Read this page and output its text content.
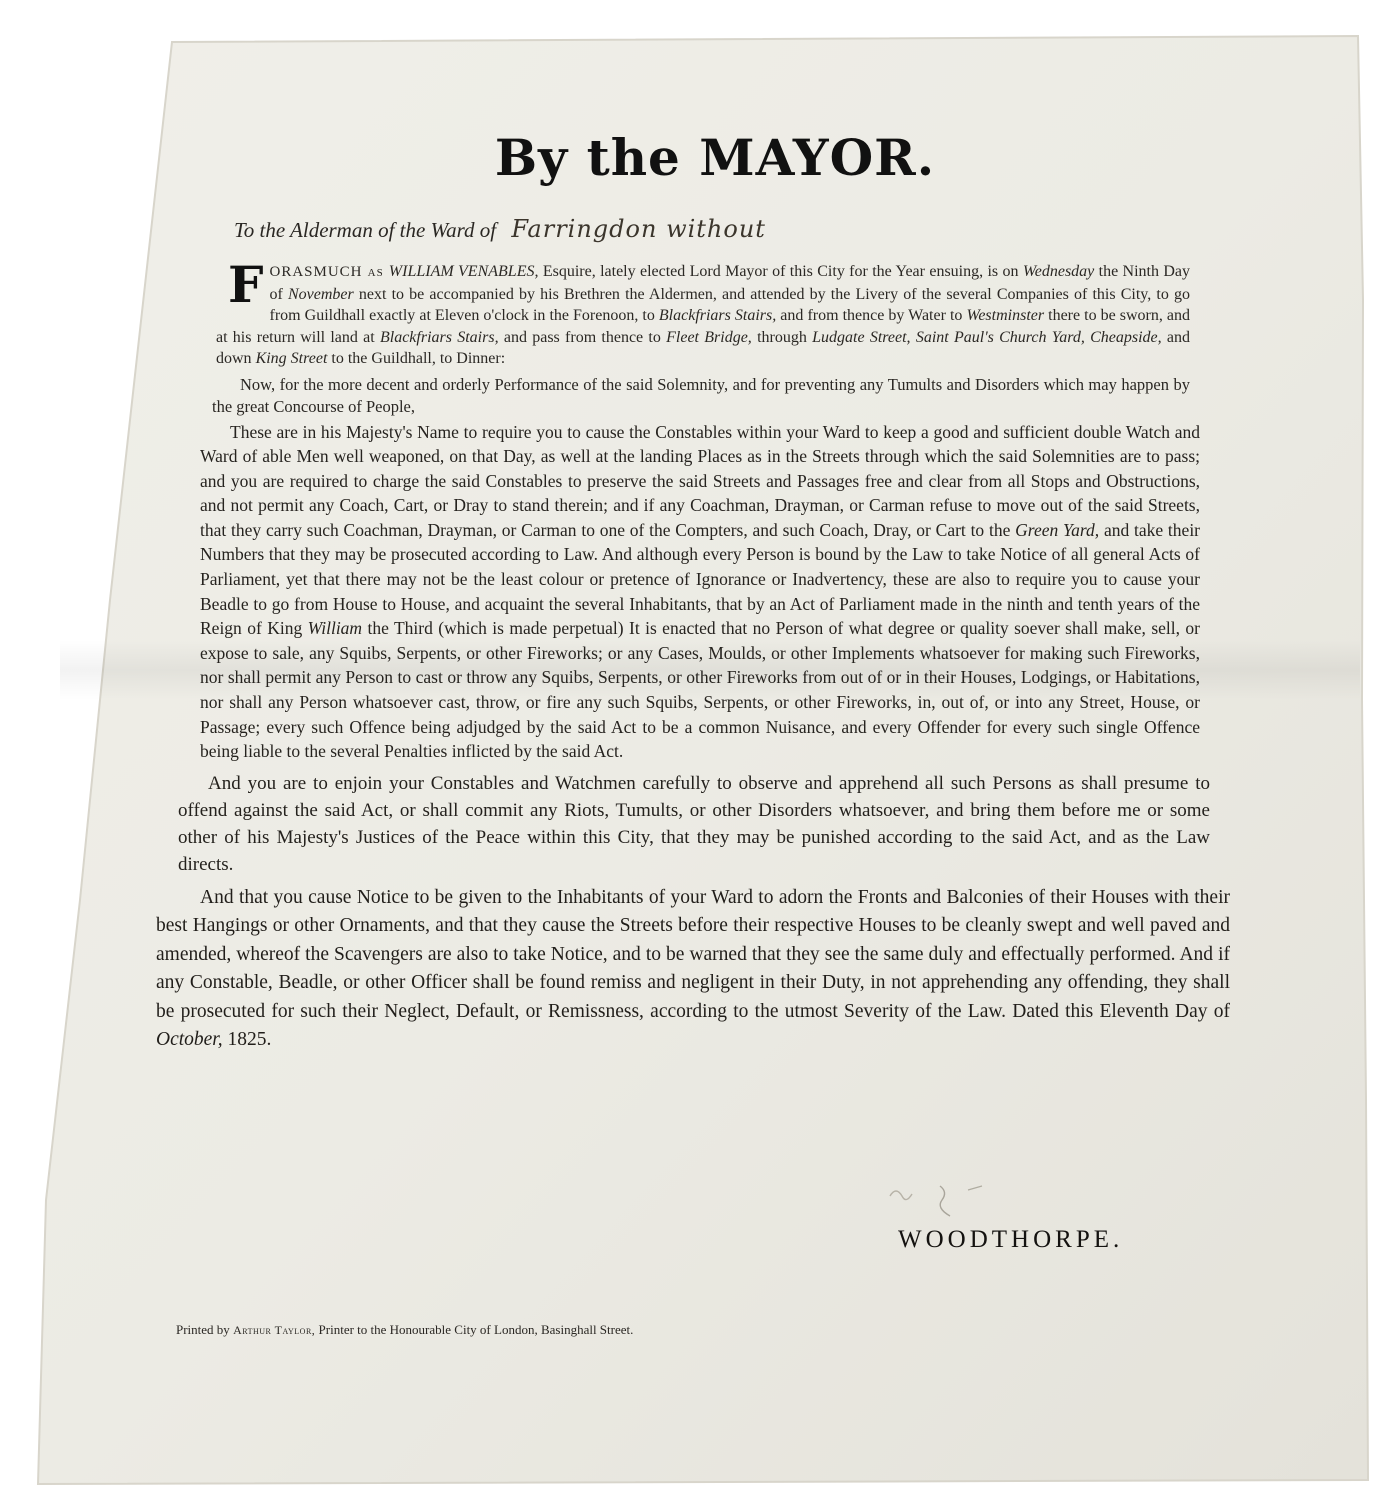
By the MAYOR.
To the Alderman of the Ward of Farringdon without

F ORASMUCH as WILLIAM VENABLES, Esquire, lately elected Lord Mayor of this City for the Year ensuing, is on Wednesday the Ninth Day of November next to be accompanied by his Brethren the Aldermen, and attended by the Livery of the several Companies of this City, to go from Guildhall exactly at Eleven o'clock in the Forenoon, to Blackfriars Stairs, and from thence by Water to Westminster there to be sworn, and at his return will land at Blackfriars Stairs, and pass from thence to Fleet Bridge, through Ludgate Street, Saint Paul's Church Yard, Cheapside, and down King Street to the Guildhall, to Dinner:

Now, for the more decent and orderly Performance of the said Solemnity, and for preventing any Tumults and Disorders which may happen by the great Concourse of People,

These are in his Majesty's Name to require you to cause the Constables within your Ward to keep a good and sufficient double Watch and Ward of able Men well weaponed, on that Day, as well at the landing Places as in the Streets through which the said Solemnities are to pass; and you are required to charge the said Constables to preserve the said Streets and Passages free and clear from all Stops and Obstructions, and not permit any Coach, Cart, or Dray to stand therein; and if any Coachman, Drayman, or Carman refuse to move out of the said Streets, that they carry such Coachman, Drayman, or Carman to one of the Compters, and such Coach, Dray, or Cart to the Green Yard, and take their Numbers that they may be prosecuted according to Law. And although every Person is bound by the Law to take Notice of all general Acts of Parliament, yet that there may not be the least colour or pretence of Ignorance or Inadvertency, these are also to require you to cause your Beadle to go from House to House, and acquaint the several Inhabitants, that by an Act of Parliament made in the ninth and tenth years of the Reign of King William the Third (which is made perpetual) It is enacted that no Person of what degree or quality soever shall make, sell, or expose to sale, any Squibs, Serpents, or other Fireworks; or any Cases, Moulds, or other Implements whatsoever for making such Fireworks, nor shall permit any Person to cast or throw any Squibs, Serpents, or other Fireworks from out of or in their Houses, Lodgings, or Habitations, nor shall any Person whatsoever cast, throw, or fire any such Squibs, Serpents, or other Fireworks, in, out of, or into any Street, House, or Passage; every such Offence being adjudged by the said Act to be a common Nuisance, and every Offender for every such single Offence being liable to the several Penalties inflicted by the said Act.

And you are to enjoin your Constables and Watchmen carefully to observe and apprehend all such Persons as shall presume to offend against the said Act, or shall commit any Riots, Tumults, or other Disorders whatsoever, and bring them before me or some other of his Majesty's Justices of the Peace within this City, that they may be punished according to the said Act, and as the Law directs.

And that you cause Notice to be given to the Inhabitants of your Ward to adorn the Fronts and Balconies of their Houses with their best Hangings or other Ornaments, and that they cause the Streets before their respective Houses to be cleanly swept and well paved and amended, whereof the Scavengers are also to take Notice, and to be warned that they see the same duly and effectually performed. And if any Constable, Beadle, or other Officer shall be found remiss and negligent in their Duty, in not apprehending any offending, they shall be prosecuted for such their Neglect, Default, or Remissness, according to the utmost Severity of the Law. Dated this Eleventh Day of October, 1825.

WOODTHORPE.
Printed by Arthur Taylor, Printer to the Honourable City of London, Basinghall Street.
